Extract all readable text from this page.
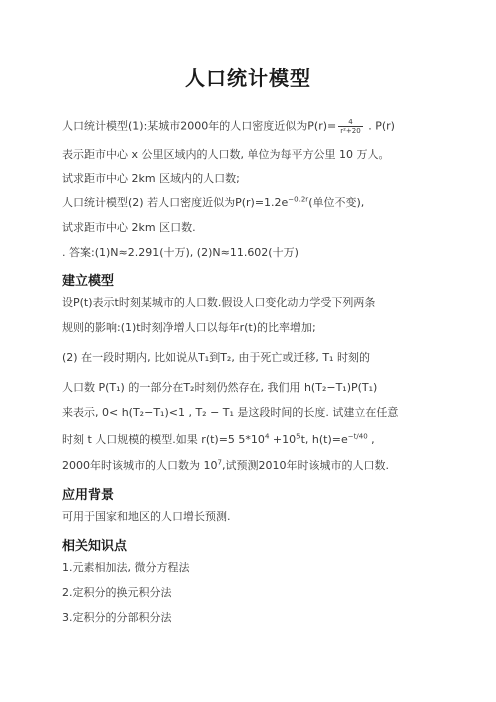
人口统计模型
人口统计模型(1):某城市2000年的人口密度近似为$P(r)= \frac{4}{\text{r²+20}}$ . P(r)
表示距市中心 x 公里区域内的人口数, 单位为每平方公里 10 万人。
试求距市中心 2km 区域内的人口数;
人口统计模型(2) 若人口密度近似为$P(r)=1.2e^{-0.2r}$(单位不变),
试求距市中心 2km 区口数.
. 答案:(1)N≈2.291(十万), (2)N≈11.602(十万)
建立模型
设P(t)表示t时刻某城市的人口数.假设人口变化动力学受下列两条
规则的影响:(1)t时刻净增人口以每年r(t)的比率增加;
(2) 在一段时期内, 比如说从T₁到T₂, 由于死亡或迁移, T₁ 时刻的
人口数 P(T₁) 的一部分在T₂时刻仍然存在, 我们用 h(T₂−T₁)P(T₁)
来表示, 0< h(T₂−T₁)<1 , T₂ − T₁ 是这段时间的长度. 试建立在任意
时刻 t 人口规模的模型.如果 r(t)=5 $5*10^4 +10^5t$, $h(t)=e^{-t/40}$ ,
2000年时该城市的人口数为 $10^7$,试预测2010年时该城市的人口数.
应用背景
可用于国家和地区的人口增长预测.
相关知识点
1.元素相加法, 微分方程法
2.定积分的换元积分法
3.定积分的分部积分法
